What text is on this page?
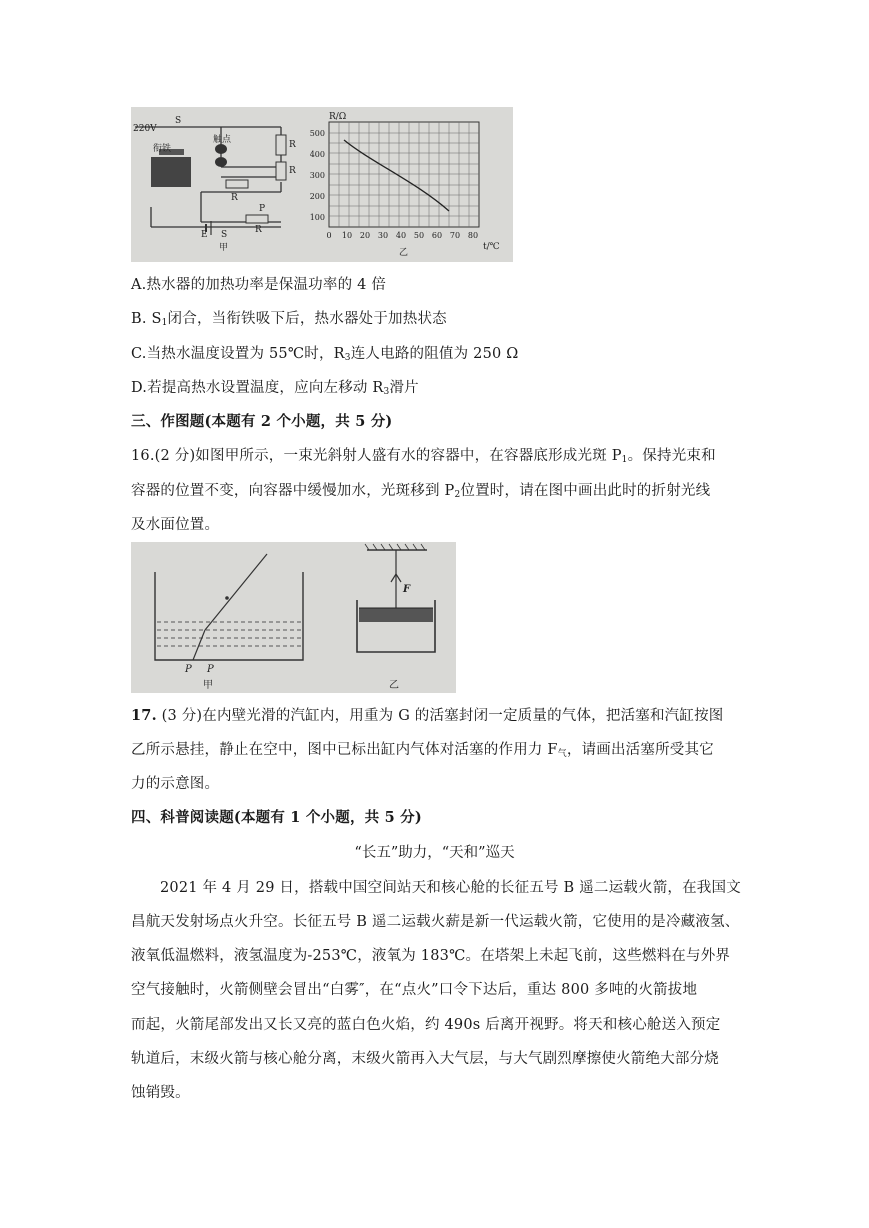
220V
S
触点
衔铁	R
R
R
R
S
P
E
甲
R/Ω
t/℃
500
400
300
200
100
0 10 20 30 40 50 60 70 80
乙
A.热水器的加热功率是保温功率的 4 倍
B. $S_1$闭合，当衔铁吸下后，热水器处于加热状态
C.当热水温度设置为 55℃时，$R_3$连人电路的阻值为 250 Ω
D.若提高热水设置温度，应向左移动 $R_3$滑片
三、作图题(本题有 2 个小题，共 5 分)
16.(2 分)如图甲所示，一束光斜射人盛有水的容器中，在容器底形成光斑 $P_1$。保持光束和
容器的位置不变，向容器中缓慢加水，光斑移到 $P_2$位置时，请在图中画出此时的折射光线
及水面位置。
P P
甲
F
乙
17. (3 分)在内壁光滑的汽缸内，用重为 G 的活塞封闭一定质量的气体，把活塞和汽缸按图
乙所示悬挂，静止在空中，图中已标出缸内气体对活塞的作用力 $F_气$，请画出活塞所受其它
力的示意图。
四、科普阅读题(本题有 1 个小题，共 5 分)
“长五”助力，“天和”巡天
2021 年 4 月 29 日，搭载中国空间站天和核心舱的长征五号 B 遥二运载火箭，在我国文
昌航天发射场点火升空。长征五号 B 遥二运载火薪是新一代运载火箭，它使用的是冷藏液氢、
液氧低温燃料，液氢温度为-253℃，液氧为 183℃。在塔架上未起飞前，这些燃料在与外界
空气接触时，火箭侧壁会冒出“白雾″，在“点火”口令下达后，重达 800 多吨的火箭拔地
而起，火箭尾部发出又长又亮的蓝白色火焰，约 490s 后离开视野。将天和核心舱送入预定
轨道后，末级火箭与核心舱分离，末级火箭再入大气层，与大气剧烈摩擦使火箭绝大部分烧
蚀销毁。
